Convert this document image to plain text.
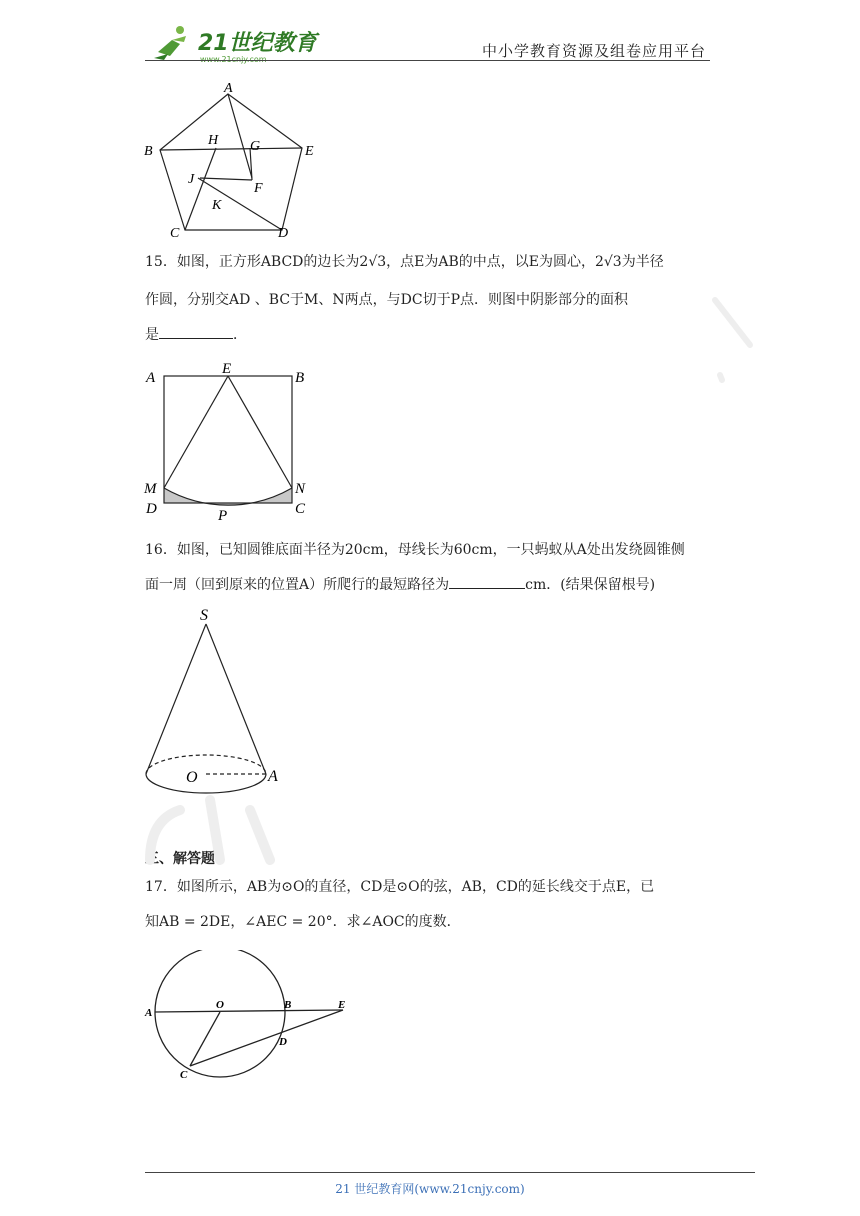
21世纪教育	中小学教育资源及组卷应用平台
A
B	E
H G
J
F
K
C	D
15．如图，正方形ABCD的边长为2√3，点E为AB的中点，以E为圆心，2√3为半径
作圆，分别交AD 、BC于M、N两点，与DC切于P点．则图中阴影部分的面积
是	．
A
E
B
M	N
D	P	C
16．如图，已知圆锥底面半径为20cm，母线长为60cm，一只蚂蚁从A处出发绕圆锥侧
面一周（回到原来的位置A）所爬行的最短路径为	cm．(结果保留根号)
S
O	A
三、解答题
17．如图所示，AB为⊙O的直径，CD是⊙O的弦，AB，CD的延长线交于点E，已
知AB = 2DE，∠AEC = 20°．求∠AOC的度数．
A
O	B	E
D
C
21 世纪教育网(www.21cnjy.com)
